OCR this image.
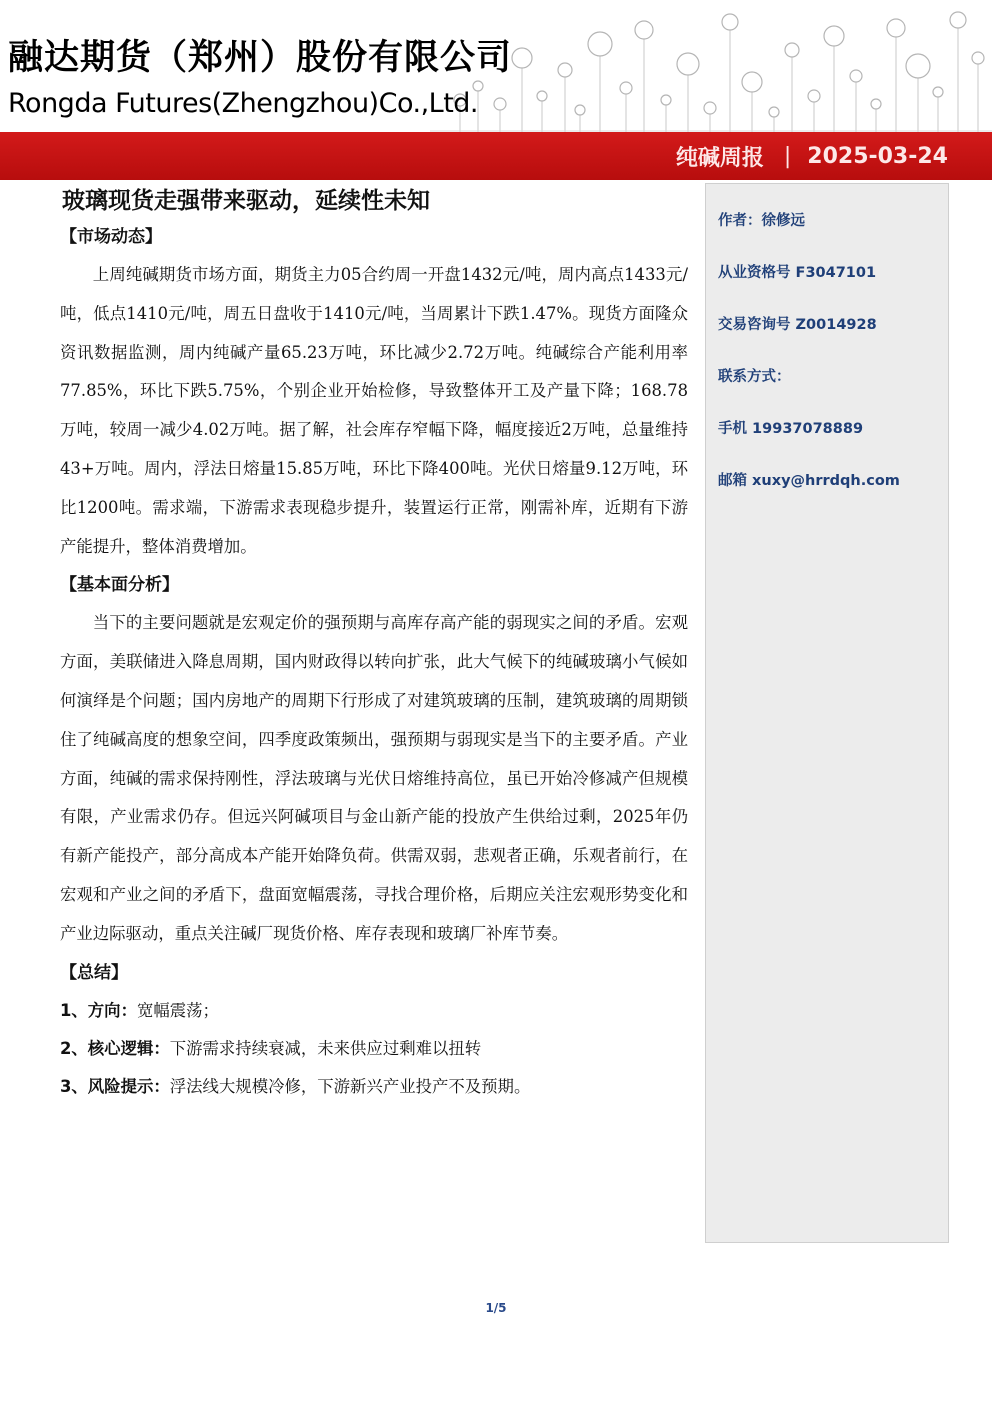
融达期货（郑州）股份有限公司
Rongda Futures(Zhengzhou)Co.,Ltd.
纯碱周报 | 2025-03-24
玻璃现货走强带来驱动，延续性未知
【市场动态】

上周纯碱期货市场方面，期货主力05合约周一开盘1432元/吨，周内高点1433元/吨，低点1410元/吨，周五日盘收于1410元/吨，当周累计下跌1.47%。现货方面隆众资讯数据监测，周内纯碱产量65.23万吨，环比减少2.72万吨。纯碱综合产能利用率77.85%，环比下跌5.75%，个别企业开始检修，导致整体开工及产量下降；168.78万吨，较周一减少4.02万吨。据了解，社会库存窄幅下降，幅度接近2万吨，总量维持43+万吨。周内，浮法日熔量15.85万吨，环比下降400吨。光伏日熔量9.12万吨，环比1200吨。需求端，下游需求表现稳步提升，装置运行正常，刚需补库，近期有下游产能提升，整体消费增加。

【基本面分析】

当下的主要问题就是宏观定价的强预期与高库存高产能的弱现实之间的矛盾。宏观方面，美联储进入降息周期，国内财政得以转向扩张，此大气候下的纯碱玻璃小气候如何演绎是个问题；国内房地产的周期下行形成了对建筑玻璃的压制，建筑玻璃的周期锁住了纯碱高度的想象空间，四季度政策频出，强预期与弱现实是当下的主要矛盾。产业方面，纯碱的需求保持刚性，浮法玻璃与光伏日熔维持高位，虽已开始冷修减产但规模有限，产业需求仍存。但远兴阿碱项目与金山新产能的投放产生供给过剩，2025年仍有新产能投产，部分高成本产能开始降负荷。供需双弱，悲观者正确，乐观者前行，在宏观和产业之间的矛盾下，盘面宽幅震荡，寻找合理价格，后期应关注宏观形势变化和产业边际驱动，重点关注碱厂现货价格、库存表现和玻璃厂补库节奏。

【总结】

1、方向：宽幅震荡；

2、核心逻辑：下游需求持续衰减，未来供应过剩难以扭转

3、风险提示：浮法线大规模冷修，下游新兴产业投产不及预期。

作者：徐修远

从业资格号 F3047101

交易咨询号 Z0014928

联系方式：

手机 19937078889

邮箱 xuxy@hrrdqh.com

1/5
